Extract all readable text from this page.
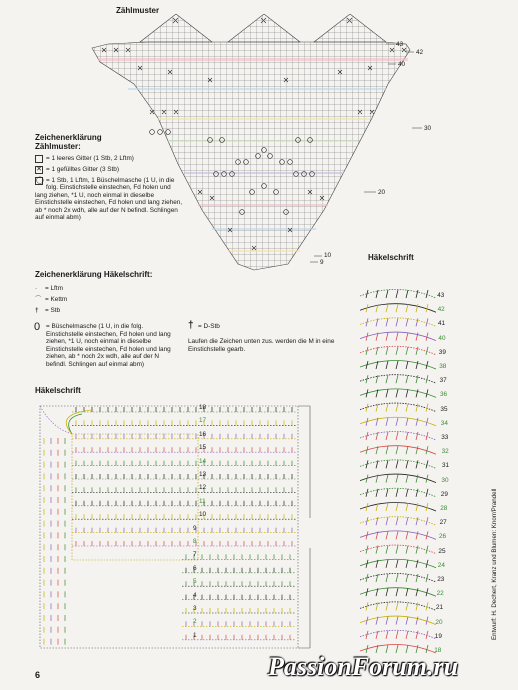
Zählmuster
43
42
40
30
20
10
9
Zeichenerklärung
Zählmuster:
= 1 leeres Gitter (1 Stb, 2 Lftm)
✕ = 1 gefülltes Gitter (3 Stb)
◯ = 1 Stb, 1 Lftm, 1 Büschelmasche (1 U, in die folg. Einstichstelle einstechen, Fd holen und lang ziehen, *1 U, noch einmal in dieselbe Einstichstelle einstechen, Fd holen und lang ziehen, ab * noch 2x wdh, alle auf der N befindl. Schlingen auf einmal abm)
Zeichenerklärung Häkelschrift:
· = Lftm
⌒ = Kettm
† = Stb
0 = Büschelmasche (1 U, in die folg. Einstichstelle einstechen, Fd holen und lang ziehen, *1 U, noch einmal in dieselbe Einstichstelle einstechen, Fd holen und lang ziehen, ab * noch 2x wdh, alle auf der N befindl. Schlingen auf einmal abm)
† = D-Stb
Laufen die Zeichen unten zus. werden die M in eine Einstichstelle gearb.
Häkelschrift
43
42
41
40
39
38
37
36
35
34
33
32
31
30
29
28
27
26
25
24
23
22
21
20
19
18
Häkelschrift
18
17
16
15
14
13
12
11
10
9
8
7
6
5
4
3
2
1	Entwurf: H. Dechert, Kranz und Blumen: Knorr/Prandell
6	PassionForum.ru
